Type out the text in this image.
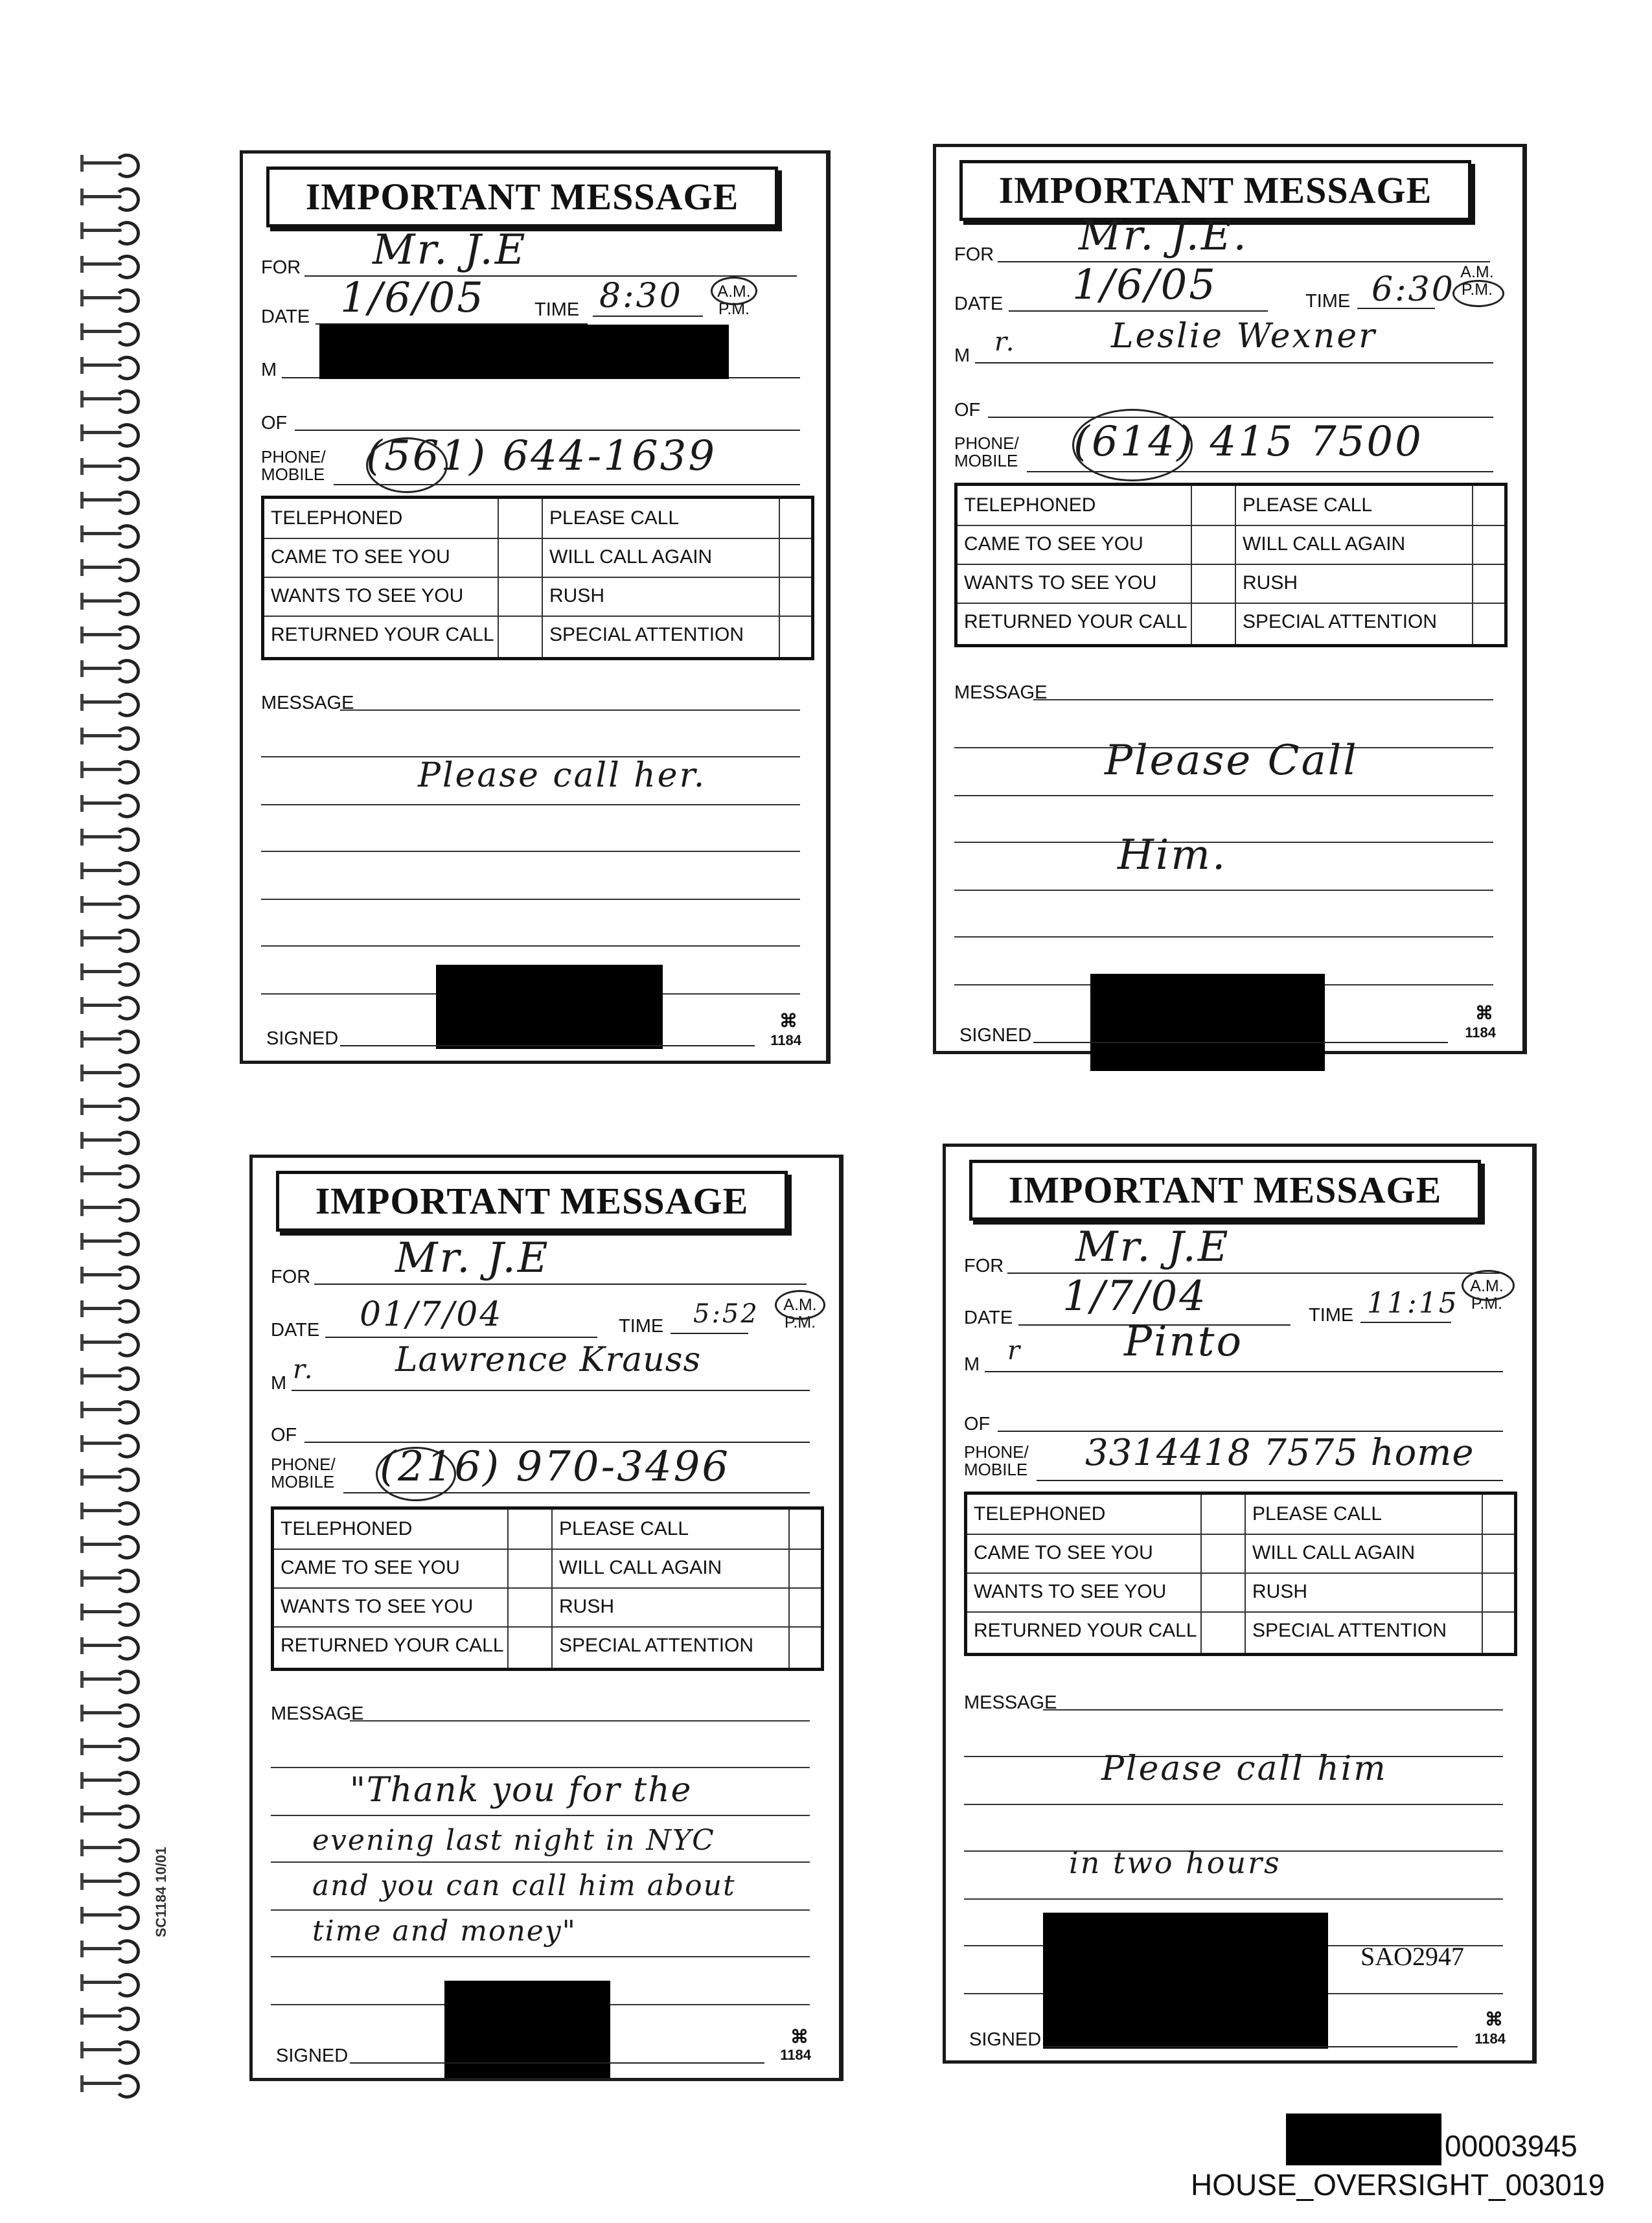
SC1184 10/01
IMPORTANT MESSAGE
FOR Mr. J.E
DATE 1/6/05	TIME 8:30 A.M.
P.M.
M
OF
PHONE/
MOBILE (561) 644-1639
TELEPHONED	PLEASE CALL
CAME TO SEE YOU	WILL CALL AGAIN
WANTS TO SEE YOU	RUSH
RETURNED YOUR CALL	SPECIAL ATTENTION
MESSAGE
Please call her.
SIGNED
⌘
1184
IMPORTANT MESSAGE
FOR Mr. J.E.
DATE 1/6/05	TIME 6:30 A.M.
P.M.
M r.	Leslie Wexner
OF
PHONE/
MOBILE (614) 415 7500
TELEPHONED	PLEASE CALL
CAME TO SEE YOU	WILL CALL AGAIN
WANTS TO SEE YOU	RUSH
RETURNED YOUR CALL	SPECIAL ATTENTION
MESSAGE
Please Call
Him.
SIGNED
⌘
1184
IMPORTANT MESSAGE
FOR Mr. J.E
DATE 01/7/04	TIME 5:52 A.M.
P.M.
M r. Lawrence Krauss
OF
PHONE/
MOBILE (216) 970-3496
TELEPHONED	PLEASE CALL
CAME TO SEE YOU	WILL CALL AGAIN
WANTS TO SEE YOU	RUSH
RETURNED YOUR CALL	SPECIAL ATTENTION
MESSAGE
"Thank you for the
evening last night in NYC
and you can call him about
time and money"
SIGNED
⌘
1184
IMPORTANT MESSAGE
FOR Mr. J.E
DATE 1/7/04	TIME 11:15
A.M.
P.M.
M r Pinto
OF
PHONE/
MOBILE 3314418 7575 home
TELEPHONED	PLEASE CALL
CAME TO SEE YOU	WILL CALL AGAIN
WANTS TO SEE YOU	RUSH
RETURNED YOUR CALL	SPECIAL ATTENTION
MESSAGE
Please call him
in two hours
SAO2947
SIGNED
⌘
1184
00003945
HOUSE_OVERSIGHT_003019
